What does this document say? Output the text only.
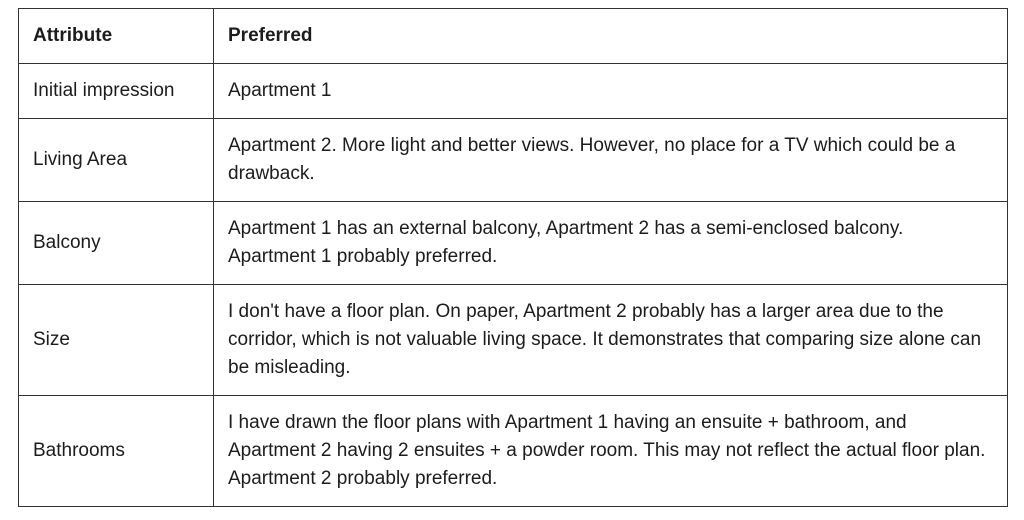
Attribute	Preferred
Initial impression	Apartment 1
Living Area	Apartment 2. More light and better views. However, no place for a TV which could be a drawback.
Balcony	Apartment 1 has an external balcony, Apartment 2 has a semi-enclosed balcony. Apartment 1 probably preferred.
Size	I don't have a floor plan. On paper, Apartment 2 probably has a larger area due to the corridor, which is not valuable living space. It demonstrates that comparing size alone can be misleading.
Bathrooms	I have drawn the floor plans with Apartment 1 having an ensuite + bathroom, and Apartment 2 having 2 ensuites + a powder room. This may not reflect the actual floor plan. Apartment 2 probably preferred.
